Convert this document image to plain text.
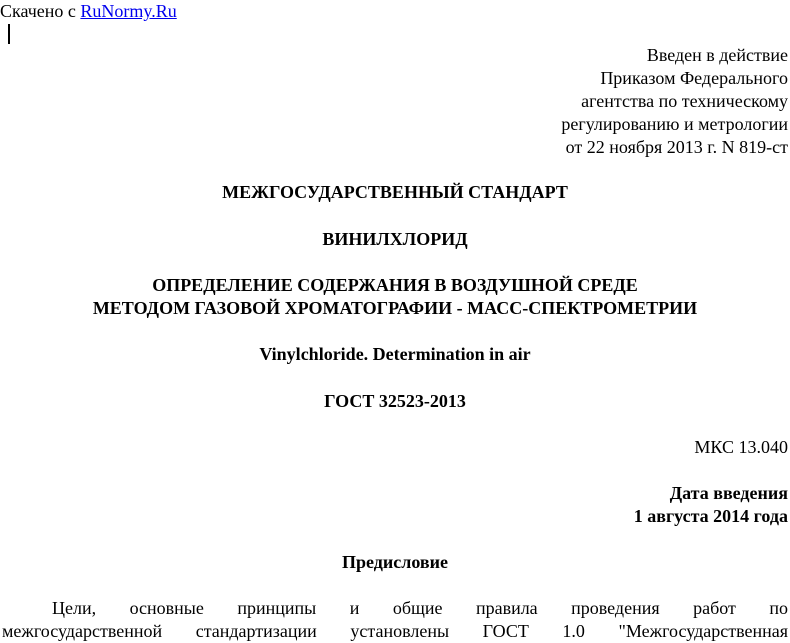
Скачено с RuNormy.Ru
Введен в действие
Приказом Федерального
агентства по техническому
регулированию и метрологии
от 22 ноября 2013 г. N 819-ст
МЕЖГОСУДАРСТВЕННЫЙ СТАНДАРТ
ВИНИЛХЛОРИД
ОПРЕДЕЛЕНИЕ СОДЕРЖАНИЯ В ВОЗДУШНОЙ СРЕДЕ
МЕТОДОМ ГАЗОВОЙ ХРОМАТОГРАФИИ - МАСС-СПЕКТРОМЕТРИИ
Vinylchloride. Determination in air
ГОСТ 32523-2013
МКС 13.040
Дата введения
1 августа 2014 года
Предисловие
Цели, основные принципы и общие правила проведения работ по
межгосударственной стандартизации установлены ГОСТ 1.0 "Межгосударственная
